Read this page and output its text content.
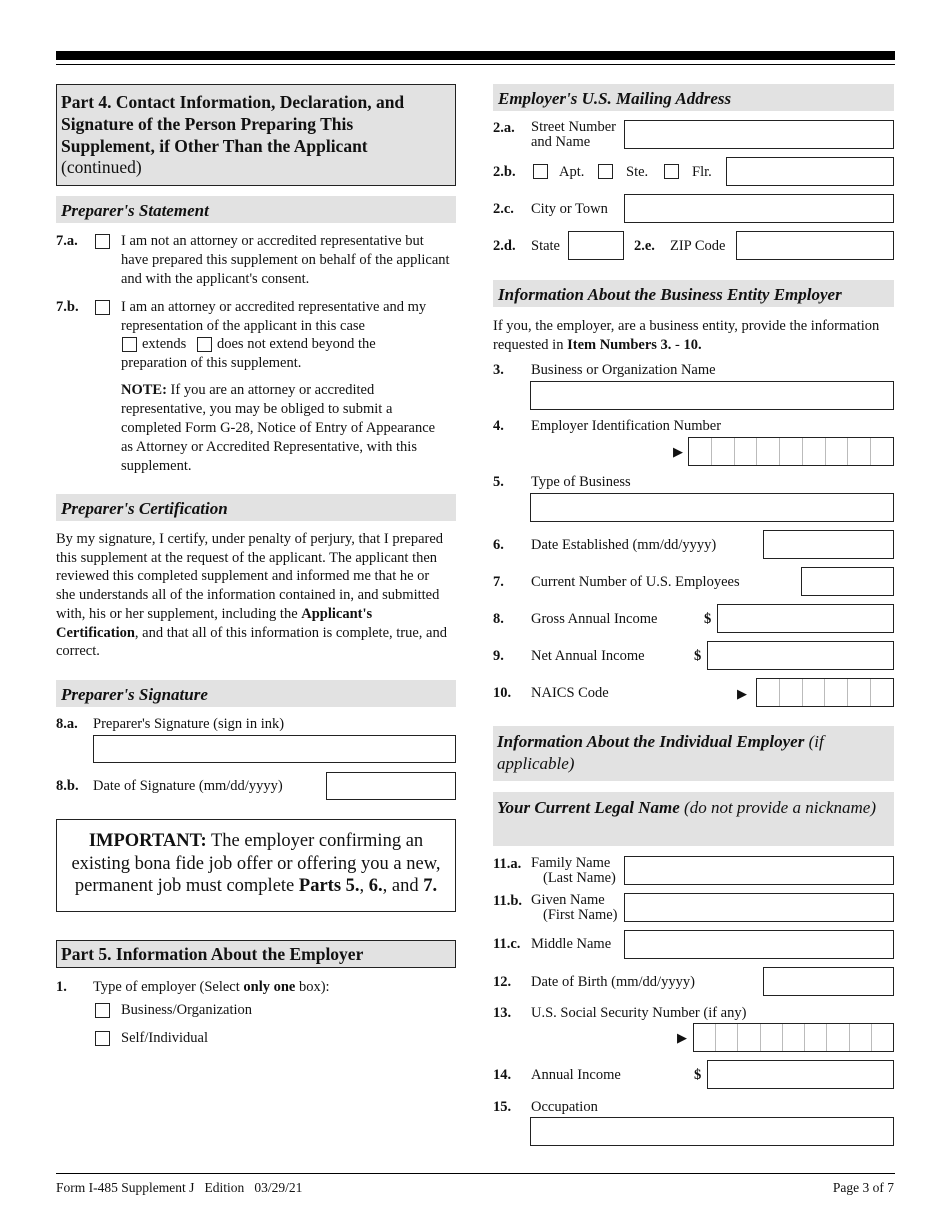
Part 4. Contact Information, Declaration, and Signature of the Person Preparing This Supplement, if Other Than the Applicant
(continued)
Preparer's Statement
7.a.	I am not an attorney or accredited representative but have prepared this supplement on behalf of the applicant and with the applicant's consent.
7.b.	I am an attorney or accredited representative and my representation of the applicant in this case
extends does not extend beyond the
preparation of this supplement.
NOTE: If you are an attorney or accredited representative, you may be obliged to submit a completed Form G-28, Notice of Entry of Appearance as Attorney or Accredited Representative, with this supplement.
Preparer's Certification
By my signature, I certify, under penalty of perjury, that I prepared this supplement at the request of the applicant. The applicant then reviewed this completed supplement and informed me that he or she understands all of the information contained in, and submitted with, his or her supplement, including the Applicant's Certification, and that all of this information is complete, true, and correct.
Preparer's Signature
8.a. Preparer's Signature (sign in ink)
8.b. Date of Signature (mm/dd/yyyy)
IMPORTANT: The employer confirming an existing bona fide job offer or offering you a new, permanent job must complete Parts 5., 6., and 7.
Part 5. Information About the Employer
1. Type of employer (Select only one box):
Business/Organization
Self/Individual
Employer's U.S. Mailing Address
2.a. Street Number
and Name
2.b.	Apt.	Ste.	Flr.
2.c. City or Town
2.d. State	2.e. ZIP Code
Information About the Business Entity Employer
If you, the employer, are a business entity, provide the information requested in Item Numbers 3. - 10.
3. Business or Organization Name
4. Employer Identification Number
▶
5. Type of Business
6. Date Established (mm/dd/yyyy)
7. Current Number of U.S. Employees
8. Gross Annual Income	$
9. Net Annual Income	$
10. NAICS Code	▶
Information About the Individual Employer (if applicable)
Your Current Legal Name (do not provide a nickname)
11.a. Family Name
(Last Name)
11.b. Given Name
(First Name)
11.c. Middle Name
12. Date of Birth (mm/dd/yyyy)
13. U.S. Social Security Number (if any)
▶
14. Annual Income	$
15. Occupation
Form I-485 Supplement J   Edition   03/29/21	Page 3 of 7
